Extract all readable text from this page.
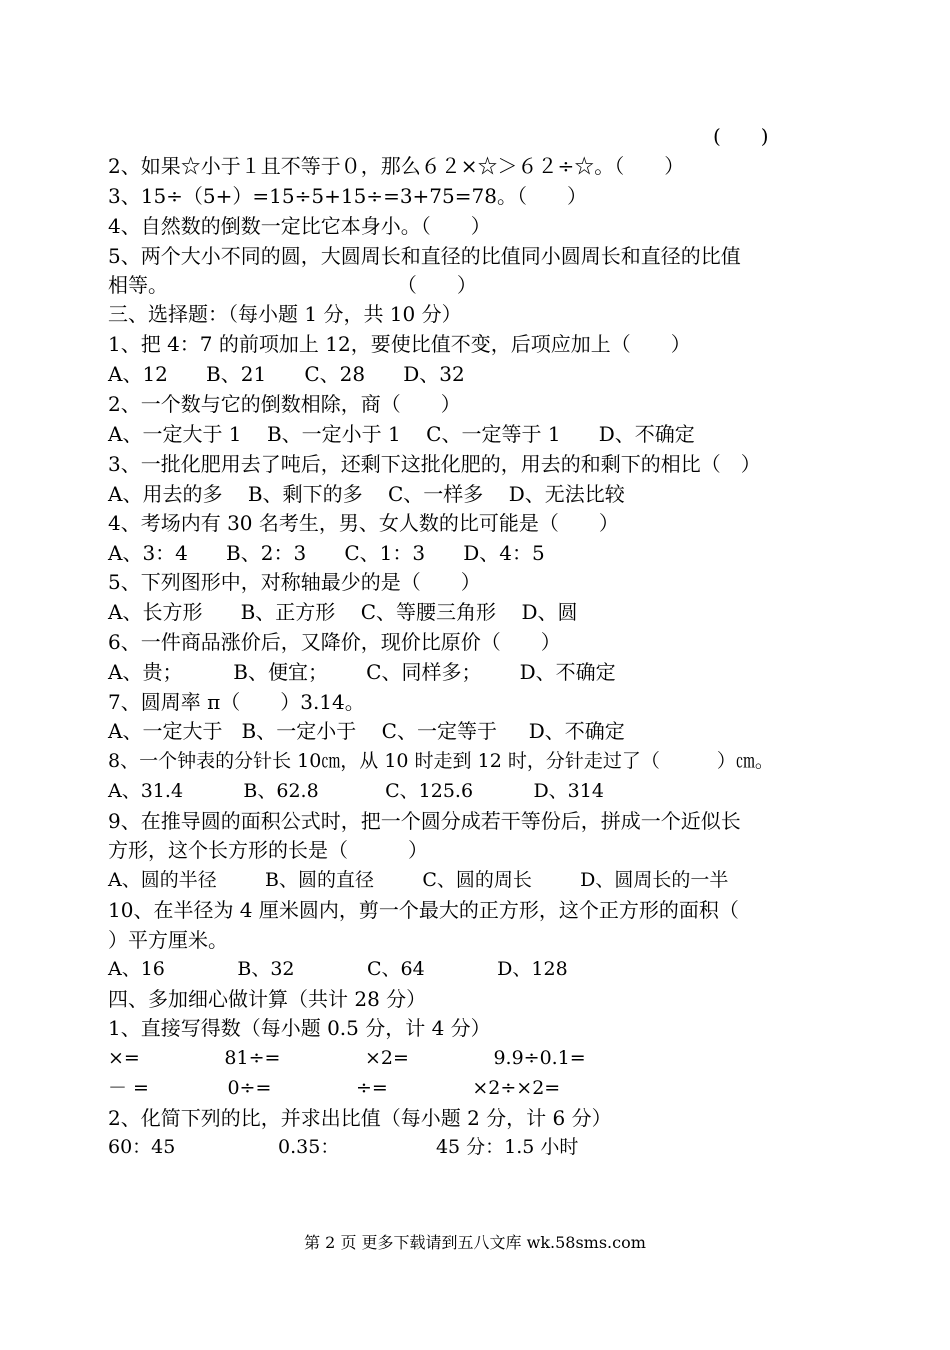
(　　)
2、如果☆小于１且不等于０，那么６２×☆＞６２÷☆。（　　）
3、15÷（5+）=15÷5+15÷=3+75=78。（　　）
4、自然数的倒数一定比它本身小。（　　）
5、两个大小不同的圆，大圆周长和直径的比值同小圆周长和直径的比值
相等。                                    （　　）
三、选择题：（每小题 1 分，共 10 分）
1、把 4：7 的前项加上 12，要使比值不变，后项应加上（　　）
A、12      B、21      C、28      D、32
2、一个数与它的倒数相除，商（　　）
A、一定大于 1    B、一定小于 1    C、一定等于 1      D、不确定
3、一批化肥用去了吨后，还剩下这批化肥的，用去的和剩下的相比（　）
A、用去的多    B、剩下的多    C、一样多    D、无法比较
4、考场内有 30 名考生，男、女人数的比可能是（　　）
A、3：4      B、2：3      C、1：3      D、4：5
5、下列图形中，对称轴最少的是（　　）
A、长方形      B、正方形    C、等腰三角形    D、圆
6、一件商品涨价后，又降价，现价比原价（　　）
A、贵；        B、便宜；      C、同样多；      D、不确定
7、圆周率 π（　　）3.14。
A、一定大于   B、一定小于    C、一定等于     D、不确定
8、一个钟表的分针长 10㎝，从 10 时走到 12 时，分针走过了（　　　）㎝。
A、31.4          B、62.8           C、125.6          D、314
9、在推导圆的面积公式时，把一个圆分成若干等份后，拼成一个近似长
方形，这个长方形的长是（　　　）
A、圆的半径        B、圆的直径        C、圆的周长        D、圆周长的一半
10、在半径为 4 厘米圆内，剪一个最大的正方形，这个正方形的面积（
）平方厘米。
A、16            B、32            C、64            D、128
四、多加细心做计算（共计 28 分）
1、直接写得数（每小题 0.5 分，计 4 分）
×=              81÷=              ×2=              9.9÷0.1=
－ =             0÷=              ÷=              ×2÷×2=
2、化简下列的比，并求出比值（每小题 2 分，计 6 分）
60：45                 0.35：                45 分：1.5 小时
第 2 页 更多下载请到五八文库 wk.58sms.com
